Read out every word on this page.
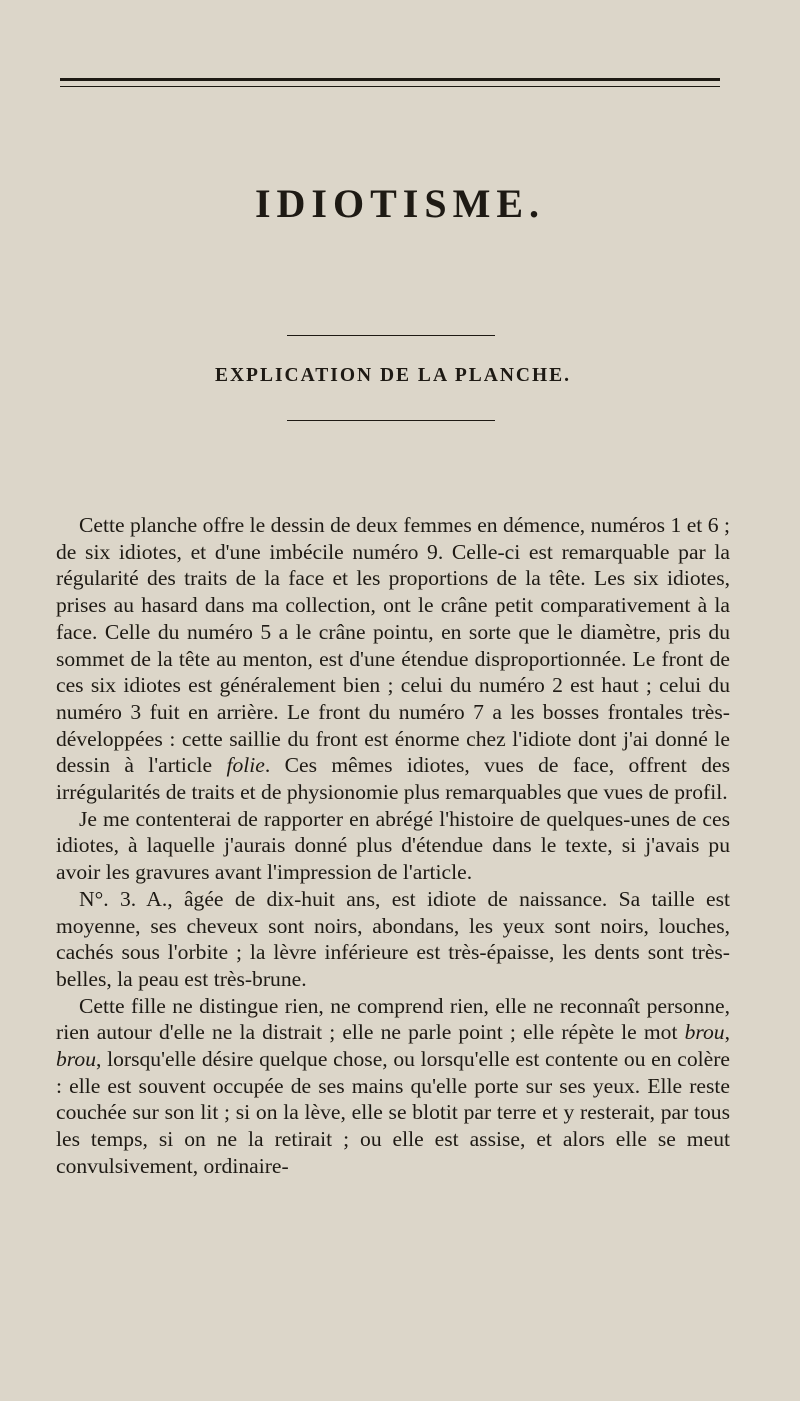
IDIOTISME.
EXPLICATION DE LA PLANCHE.

Cette planche offre le dessin de deux femmes en démence, numéros 1 et 6 ; de six idiotes, et d'une imbécile numéro 9. Celle-ci est remarquable par la régularité des traits de la face et les proportions de la tête. Les six idiotes, prises au hasard dans ma collection, ont le crâne petit comparativement à la face. Celle du numéro 5 a le crâne pointu, en sorte que le diamètre, pris du sommet de la tête au menton, est d'une étendue disproportionnée. Le front de ces six idiotes est généralement bien ; celui du numéro 2 est haut ; celui du numéro 3 fuit en arrière. Le front du numéro 7 a les bosses frontales très-développées : cette saillie du front est énorme chez l'idiote dont j'ai donné le dessin à l'article folie. Ces mêmes idiotes, vues de face, offrent des irrégularités de traits et de physionomie plus remarquables que vues de profil.

Je me contenterai de rapporter en abrégé l'histoire de quelques-unes de ces idiotes, à laquelle j'aurais donné plus d'étendue dans le texte, si j'avais pu avoir les gravures avant l'impression de l'article.

N°. 3. A., âgée de dix-huit ans, est idiote de naissance. Sa taille est moyenne, ses cheveux sont noirs, abondans, les yeux sont noirs, louches, cachés sous l'orbite ; la lèvre inférieure est très-épaisse, les dents sont très-belles, la peau est très-brune.

Cette fille ne distingue rien, ne comprend rien, elle ne reconnaît personne, rien autour d'elle ne la distrait ; elle ne parle point ; elle répète le mot brou, brou, lorsqu'elle désire quelque chose, ou lorsqu'elle est contente ou en colère : elle est souvent occupée de ses mains qu'elle porte sur ses yeux. Elle reste couchée sur son lit ; si on la lève, elle se blotit par terre et y resterait, par tous les temps, si on ne la retirait ; ou elle est assise, et alors elle se meut convulsivement, ordinaire-
